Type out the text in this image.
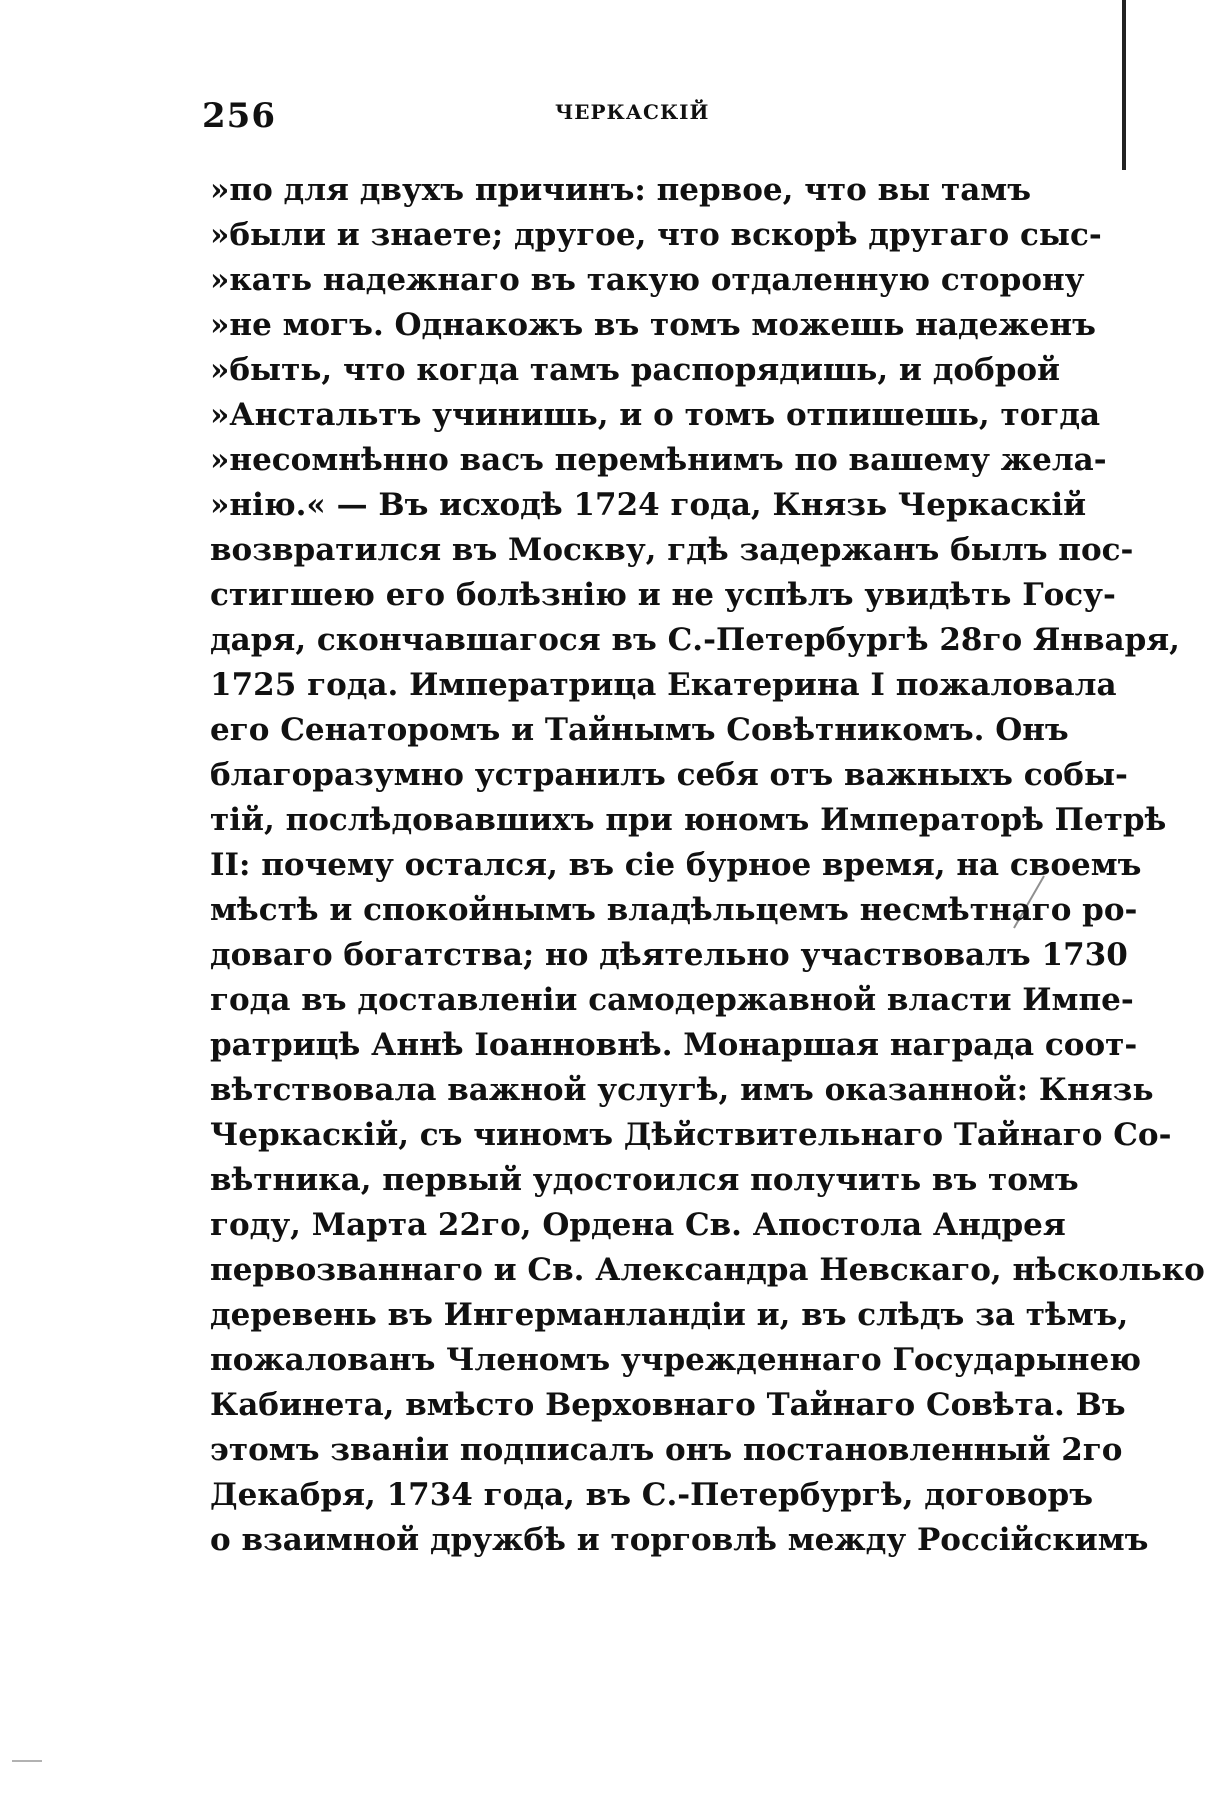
256	ЧЕРКАСКІЙ
»по для двухъ причинъ: первое, что вы тамъ
»были и знаете; другое, что вскорѣ другаго сыс-
»кать надежнаго въ такую отдаленную сторону
»не могъ. Однакожъ въ томъ можешь надеженъ
»быть, что когда тамъ распорядишь, и доброй
»Анстальтъ учинишь, и о томъ отпишешь, тогда
»несомнѣнно васъ перемѣнимъ по вашему жела-
»нію.« — Въ исходѣ 1724 года, Князь Черкаскій
возвратился въ Москву, гдѣ задержанъ былъ пос-
стигшею его болѣзнію и не успѣлъ увидѣть Госу-
даря, скончавшагося въ С.-Петербургѣ 28го Января,
1725 года. Императрица Екатерина I пожаловала
его Сенаторомъ и Тайнымъ Совѣтникомъ. Онъ
благоразумно устранилъ себя отъ важныхъ собы-
тій, послѣдовавшихъ при юномъ Императорѣ Петрѣ
II: почему остался, въ сіе бурное время, на своемъ
мѣстѣ и спокойнымъ владѣльцемъ несмѣтнаго ро-
доваго богатства; но дѣятельно участвовалъ 1730
года въ доставленіи самодержавной власти Импе-
ратрицѣ Аннѣ Іоанновнѣ. Монаршая награда соот-
вѣтствовала важной услугѣ, имъ оказанной: Князь
Черкаскій, съ чиномъ Дѣйствительнаго Тайнаго Со-
вѣтника, первый удостоился получить въ томъ
году, Марта 22го, Ордена Св. Апостола Андрея
первозваннаго и Св. Александра Невскаго, нѣсколько
деревень въ Ингерманландіи и, въ слѣдъ за тѣмъ,
пожалованъ Членомъ учрежденнаго Государынею
Кабинета, вмѣсто Верховнаго Тайнаго Совѣта. Въ
этомъ званіи подписалъ онъ постановленный 2го
Декабря, 1734 года, въ С.-Петербургѣ, договоръ
о взаимной дружбѣ и торговлѣ между Россійскимъ
